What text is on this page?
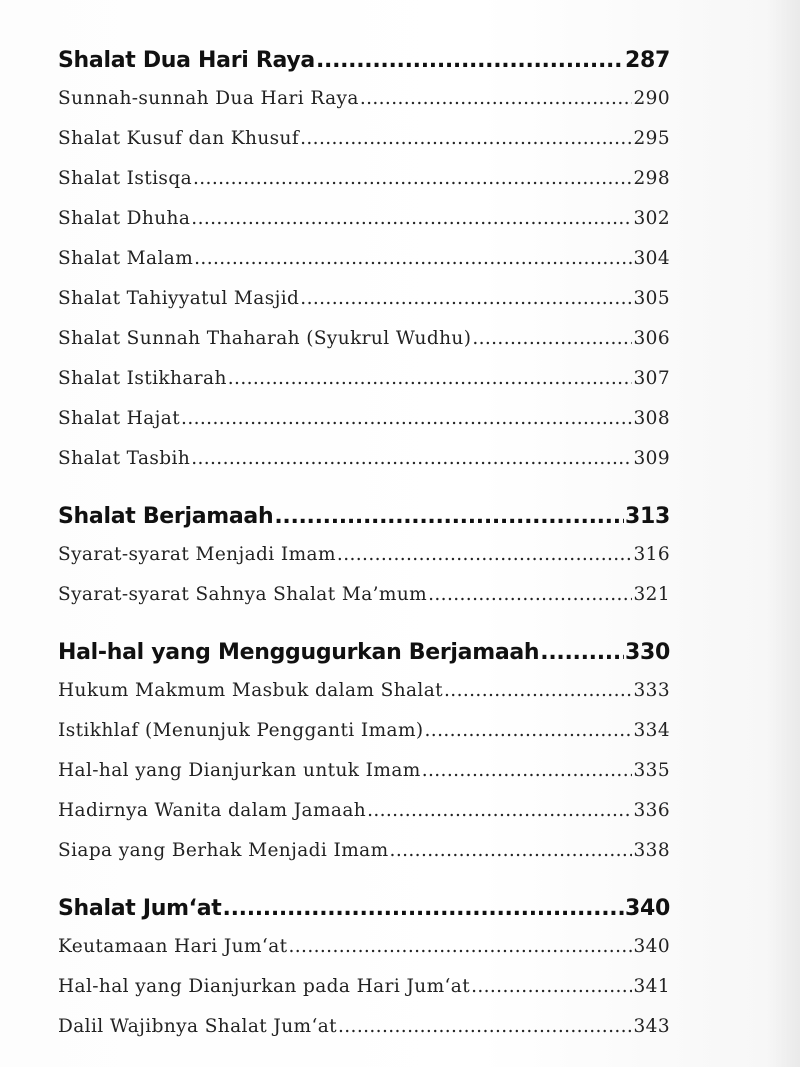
Shalat Dua Hari Raya .....	287
Sunnah-sunnah Dua Hari Raya .....	290
Shalat Kusuf dan Khusuf .....	295
Shalat Istisqa .....	298
Shalat Dhuha .....	302
Shalat Malam .....	304
Shalat Tahiyyatul Masjid .....	305
Shalat Sunnah Thaharah (Syukrul Wudhu) .....	306
Shalat Istikharah .....	307
Shalat Hajat .....	308
Shalat Tasbih .....	309
Shalat Berjamaah .....	313
Syarat-syarat Menjadi Imam .....	316
Syarat-syarat Sahnya Shalat Ma’mum .....	321
Hal-hal yang Menggugurkan Berjamaah .....	330
Hukum Makmum Masbuk dalam Shalat .....	333
Istikhlaf (Menunjuk Pengganti Imam) .....	334
Hal-hal yang Dianjurkan untuk Imam .....	335
Hadirnya Wanita dalam Jamaah .....	336
Siapa yang Berhak Menjadi Imam .....	338
Shalat Jum‘at .....	340
Keutamaan Hari Jum‘at .....	340
Hal-hal yang Dianjurkan pada Hari Jum‘at .....	341
Dalil Wajibnya Shalat Jum‘at .....	343
